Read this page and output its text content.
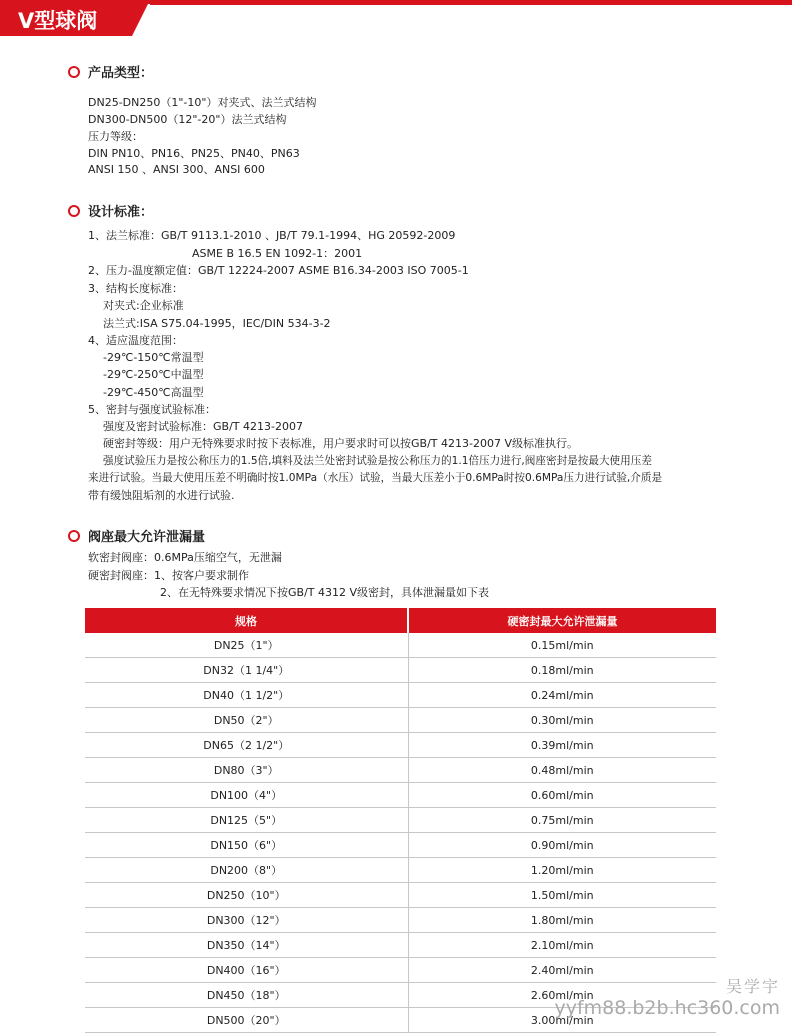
V型球阀
产品类型：
DN25-DN250（1"-10"）对夹式、法兰式结构
DN300-DN500（12"-20"）法兰式结构
压力等级：
DIN PN10、PN16、PN25、PN40、PN63
ANSI 150 、ANSI 300、ANSI 600
设计标准：
1、法兰标准：GB/T 9113.1-2010 、JB/T 79.1-1994、HG 20592-2009
ASME B 16.5 EN 1092-1：2001
2、压力-温度额定值：GB/T 12224-2007 ASME B16.34-2003 ISO 7005-1
3、结构长度标准：
对夹式:企业标准
法兰式:ISA S75.04-1995，IEC/DIN 534-3-2
4、适应温度范围：
-29℃-150℃常温型
-29℃-250℃中温型
-29℃-450℃高温型
5、密封与强度试验标准：
强度及密封试验标准：GB/T 4213-2007
硬密封等级：用户无特殊要求时按下表标准，用户要求时可以按GB/T 4213-2007 V级标准执行。
强度试验压力是按公称压力的1.5倍,填料及法兰处密封试验是按公称压力的1.1倍压力进行,阀座密封是按最大使用压差
来进行试验。当最大使用压差不明确时按1.0MPa（水压）试验，当最大压差小于0.6MPa时按0.6MPa压力进行试验,介质是
带有缓蚀阻垢剂的水进行试验.
阀座最大允许泄漏量
软密封阀座：0.6MPa压缩空气，无泄漏
硬密封阀座：1、按客户要求制作
2、在无特殊要求情况下按GB/T 4312 V级密封，具体泄漏量如下表
规格	硬密封最大允许泄漏量
DN25（1"）	0.15ml/min
DN32（1 1/4"）	0.18ml/min
DN40（1 1/2"）	0.24ml/min
DN50（2"）	0.30ml/min
DN65（2 1/2"）	0.39ml/min
DN80（3"）	0.48ml/min
DN100（4"）	0.60ml/min
DN125（5"）	0.75ml/min
DN150（6"）	0.90ml/min
DN200（8"）	1.20ml/min
DN250（10"）	1.50ml/min
DN300（12"）	1.80ml/min
DN350（14"）	2.10ml/min
DN400（16"）	2.40ml/min
DN450（18"）	2.60ml/min
DN500（20"）	3.00ml/min
吴学宇
yyfm88.b2b.hc360.com
